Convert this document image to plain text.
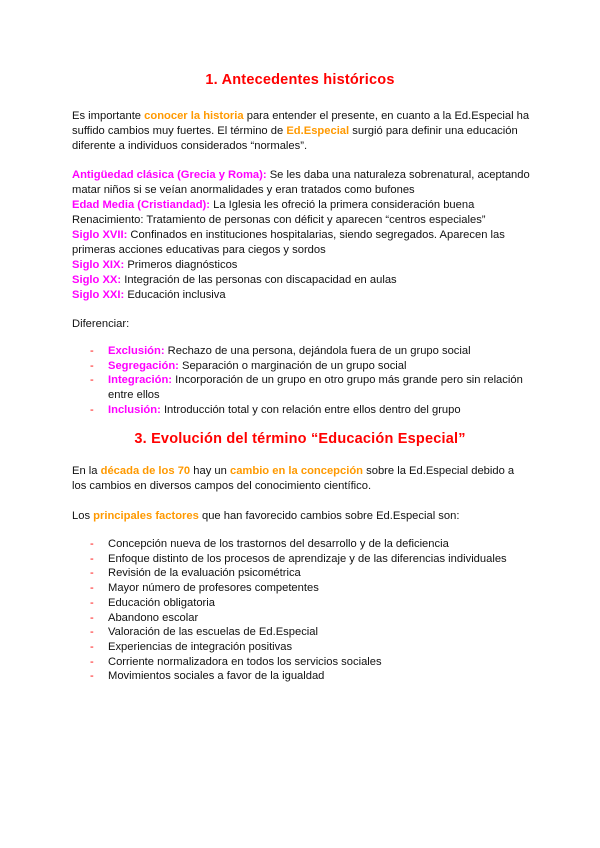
1. Antecedentes históricos
Es importante conocer la historia para entender el presente, en cuanto a la Ed.Especial ha
suffido cambios muy fuertes. El término de Ed.Especial surgió para definir una educación
diferente a individuos considerados “normales”.
Antigüedad clásica (Grecia y Roma): Se les daba una naturaleza sobrenatural, aceptando
matar niños si se veían anormalidades y eran tratados como bufones
Edad Media (Cristiandad): La Iglesia les ofreció la primera consideración buena
Renacimiento: Tratamiento de personas con déficit y aparecen “centros especiales”
Siglo XVII: Confinados en instituciones hospitalarias, siendo segregados. Aparecen las
primeras acciones educativas para ciegos y sordos
Siglo XIX: Primeros diagnósticos
Siglo XX: Integración de las personas con discapacidad en aulas
Siglo XXI: Educación inclusiva
Diferenciar:
- Exclusión: Rechazo de una persona, dejándola fuera de un grupo social
- Segregación: Separación o marginación de un grupo social
- Integración: Incorporación de un grupo en otro grupo más grande pero sin relación
entre ellos
- Inclusión: Introducción total y con relación entre ellos dentro del grupo
3. Evolución del término “Educación Especial”
En la década de los 70 hay un cambio en la concepción sobre la Ed.Especial debido a
los cambios en diversos campos del conocimiento científico.
Los principales factores que han favorecido cambios sobre Ed.Especial son:
- Concepción nueva de los trastornos del desarrollo y de la deficiencia
- Enfoque distinto de los procesos de aprendizaje y de las diferencias individuales
- Revisión de la evaluación psicométrica
- Mayor número de profesores competentes
- Educación obligatoria
- Abandono escolar
- Valoración de las escuelas de Ed.Especial
- Experiencias de integración positivas
- Corriente normalizadora en todos los servicios sociales
- Movimientos sociales a favor de la igualdad
